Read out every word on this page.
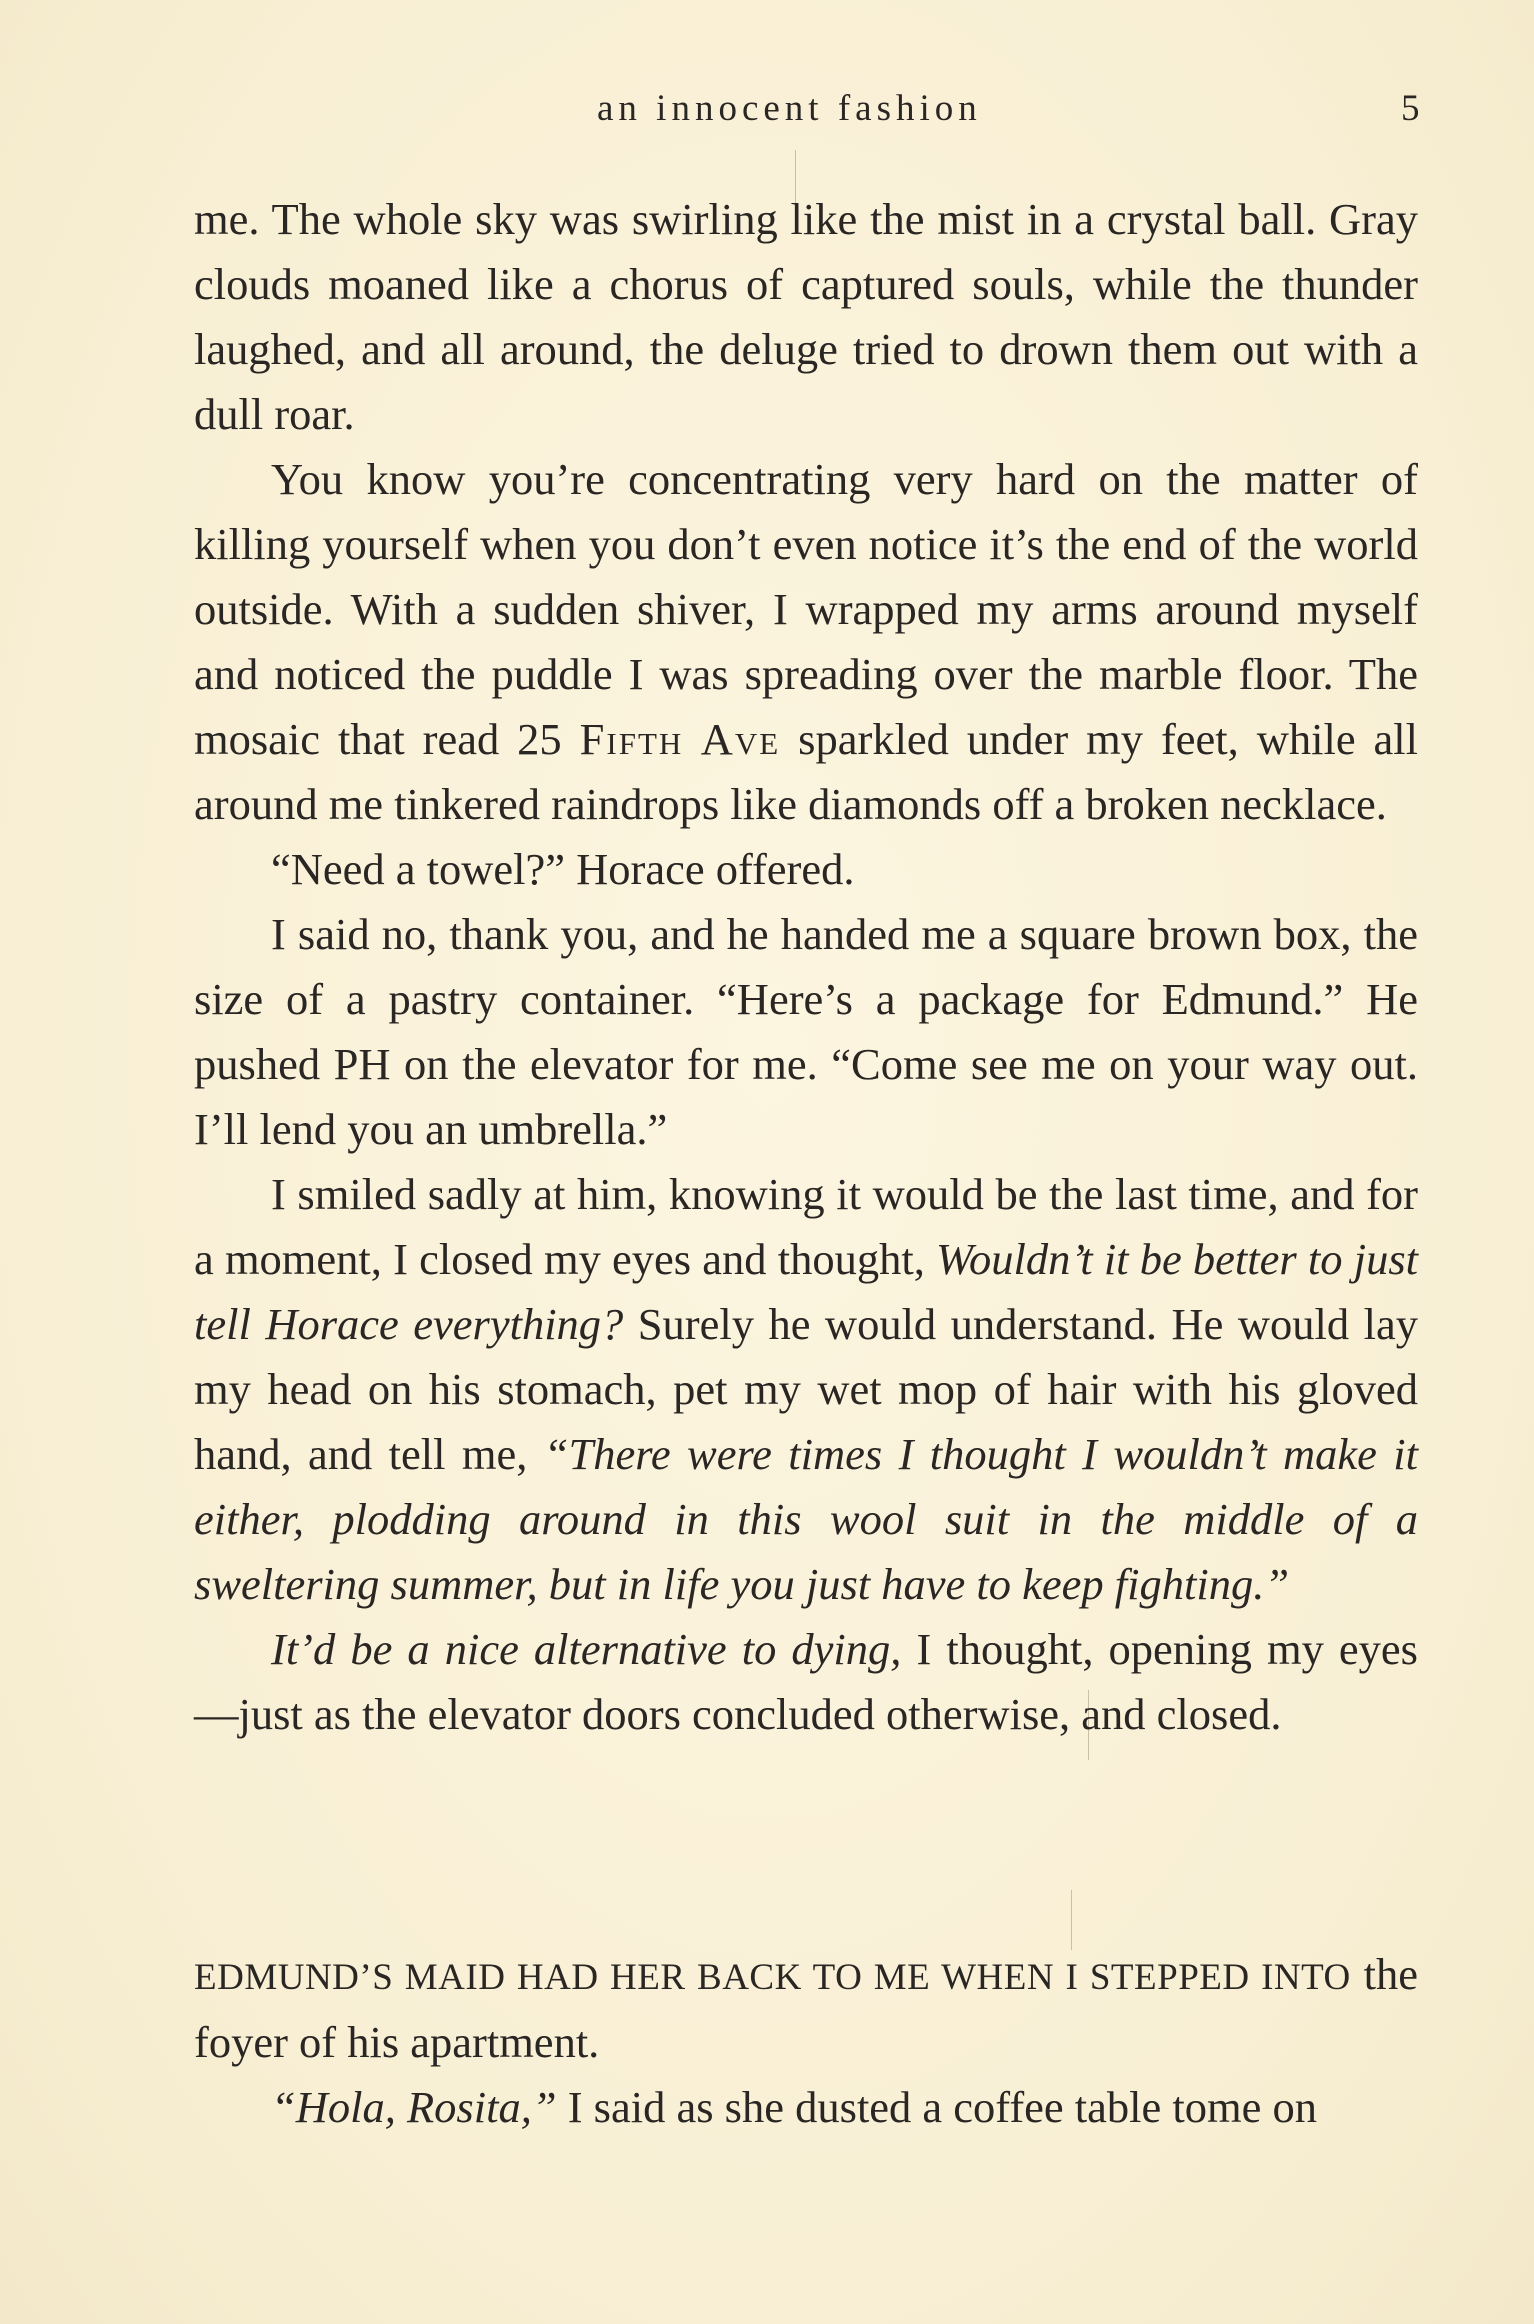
an innocent fashion	5

me. The whole sky was swirling like the mist in a crystal ball. Gray clouds moaned like a chorus of captured souls, while the thunder laughed, and all around, the deluge tried to drown them out with a dull roar.

You know you’re concentrating very hard on the matter of killing yourself when you don’t even notice it’s the end of the world outside. With a sudden shiver, I wrapped my arms around myself and noticed the puddle I was spreading over the marble floor. The mosaic that read 25 Fifth Ave sparkled under my feet, while all around me tinkered raindrops like diamonds off a broken necklace.

“Need a towel?” Horace offered.

I said no, thank you, and he handed me a square brown box, the size of a pastry container. “Here’s a package for Edmund.” He pushed PH on the elevator for me. “Come see me on your way out. I’ll lend you an umbrella.”

I smiled sadly at him, knowing it would be the last time, and for a moment, I closed my eyes and thought, Wouldn’t it be better to just tell Horace everything? Surely he would understand. He would lay my head on his stomach, pet my wet mop of hair with his gloved hand, and tell me, “There were times I thought I wouldn’t make it either, plodding around in this wool suit in the middle of a sweltering summer, but in life you just have to keep fighting.”

It’d be a nice alternative to dying, I thought, opening my eyes—just as the elevator doors concluded otherwise, and closed.

EDMUND’S MAID HAD HER BACK TO ME WHEN I STEPPED INTO the foyer of his apartment.

“Hola, Rosita,” I said as she dusted a coffee table tome on
